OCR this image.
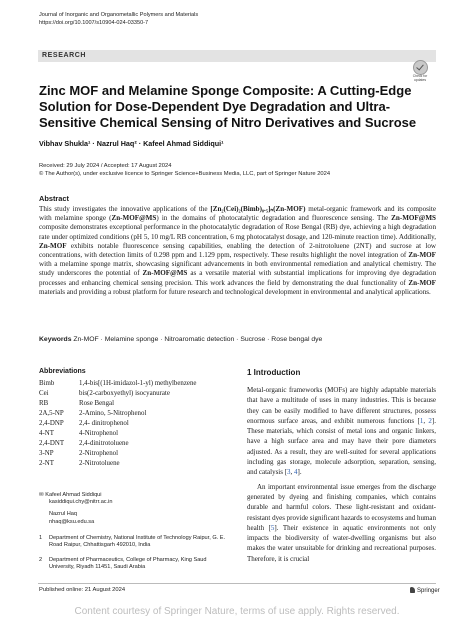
Journal of Inorganic and Organometallic Polymers and Materials
https://doi.org/10.1007/s10904-024-03350-7
RESEARCH
Check for updates
Zinc MOF and Melamine Sponge Composite: A Cutting-Edge Solution for Dose-Dependent Dye Degradation and Ultra-Sensitive Chemical Sensing of Nitro Derivatives and Sucrose
Vibhav Shukla¹ · Nazrul Haq² · Kafeel Ahmad Siddiqui¹
Received: 29 July 2024 / Accepted: 17 August 2024
© The Author(s), under exclusive licence to Springer Science+Business Media, LLC, part of Springer Nature 2024
Abstract
This study investigates the innovative applications of the [Zn₂(Cei)₂(Bimb)₀.₅]ₙ(Zn-MOF) metal-organic framework and its composite with melamine sponge (Zn-MOF@MS) in the domains of photocatalytic degradation and fluorescence sensing. The Zn-MOF@MS composite demonstrates exceptional performance in the photocatalytic degradation of Rose Bengal (RB) dye, achieving a high degradation rate under optimized conditions (pH 5, 10 mg/L RB concentration, 6 mg photocatalyst dosage, and 120-minute reaction time). Additionally, Zn-MOF exhibits notable fluorescence sensing capabilities, enabling the detection of 2-nitrotoluene (2NT) and sucrose at low concentrations, with detection limits of 0.298 ppm and 1.129 ppm, respectively. These results highlight the novel integration of Zn-MOF with a melamine sponge matrix, showcasing significant advancements in both environmental remediation and analytical chemistry. The study underscores the potential of Zn-MOF@MS as a versatile material with substantial implications for improving dye degradation processes and enhancing chemical sensing precision. This work advances the field by demonstrating the dual functionality of Zn-MOF materials and providing a robust platform for future research and technological development in environmental and analytical applications.
Keywords Zn-MOF · Melamine sponge · Nitroaromatic detection · Sucrose · Rose bengal dye
Abbreviations
Bimb	1,4-bis[(1H-imidazol-1-yl) methylbenzene
Cei	bis(2-carboxyethyl) isocyanurate
RB	Rose Bengal
2A,5-NP	2-Amino, 5-Nitrophenol
2,4-DNP	2,4- dinitrophenol
4-NT	4-Nitrophenol
2,4-DNT	2,4-dinitrotoluene
3-NP	2-Nitrophenol
2-NT	2-Nitrotoluene
✉ Kafeel Ahmad Siddiqui
kasiddiqui.chy@nitrr.ac.in
Nazrul Haq
nhaq@ksu.edu.sa
1	Department of Chemistry, National Institute of Technology Raipur, G. E. Road Raipur, Chhattisgarh 492010, India
2	Department of Pharmaceutics, College of Pharmacy, King Saud University, Riyadh 11451, Saudi Arabia
1 Introduction

Metal-organic frameworks (MOFs) are highly adaptable materials that have a multitude of uses in many industries. This is because they can be easily modified to have different structures, possess enormous surface areas, and exhibit numerous functions [1, 2]. These materials, which consist of metal ions and organic linkers, have a high surface area and may have their pore diameters adjusted. As a result, they are well-suited for several applications including gas storage, molecule adsorption, separation, sensing, and catalysis [3, 4].

An important environmental issue emerges from the discharge generated by dyeing and finishing companies, which contains durable and harmful colors. These light-resistant and oxidant-resistant dyes provide significant hazards to ecosystems and human health [5]. Their existence in aquatic environments not only impacts the biodiversity of water-dwelling organisms but also makes the water unsuitable for drinking and recreational purposes. Therefore, it is crucial

Published online: 21 August 2024	Springer
Content courtesy of Springer Nature, terms of use apply. Rights reserved.
